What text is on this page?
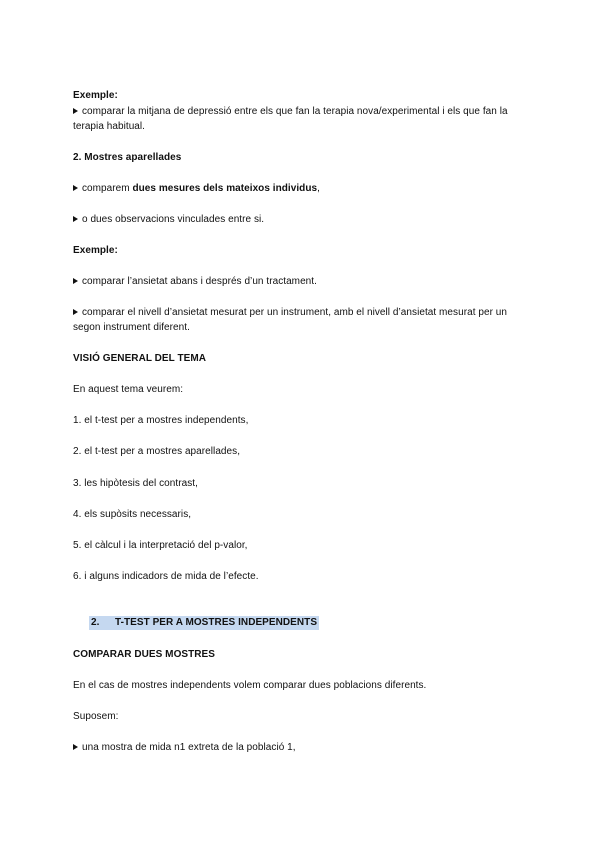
Exemple:
comparar la mitjana de depressió entre els que fan la terapia nova/experimental i els que fan la
terapia habitual.
2. Mostres aparellades
comparem dues mesures dels mateixos individus,
o dues observacions vinculades entre si.
Exemple:
comparar l’ansietat abans i després d’un tractament.
comparar el nivell d’ansietat mesurat per un instrument, amb el nivell d’ansietat mesurat per un
segon instrument diferent.
VISIÓ GENERAL DEL TEMA
En aquest tema veurem:
1. el t-test per a mostres independents,
2. el t-test per a mostres aparellades,
3. les hipòtesis del contrast,
4. els supòsits necessaris,
5. el càlcul i la interpretació del p-valor,
6. i alguns indicadors de mida de l’efecte.
2. T-TEST PER A MOSTRES INDEPENDENTS
COMPARAR DUES MOSTRES
En el cas de mostres independents volem comparar dues poblacions diferents.
Suposem:
una mostra de mida n1 extreta de la població 1,
